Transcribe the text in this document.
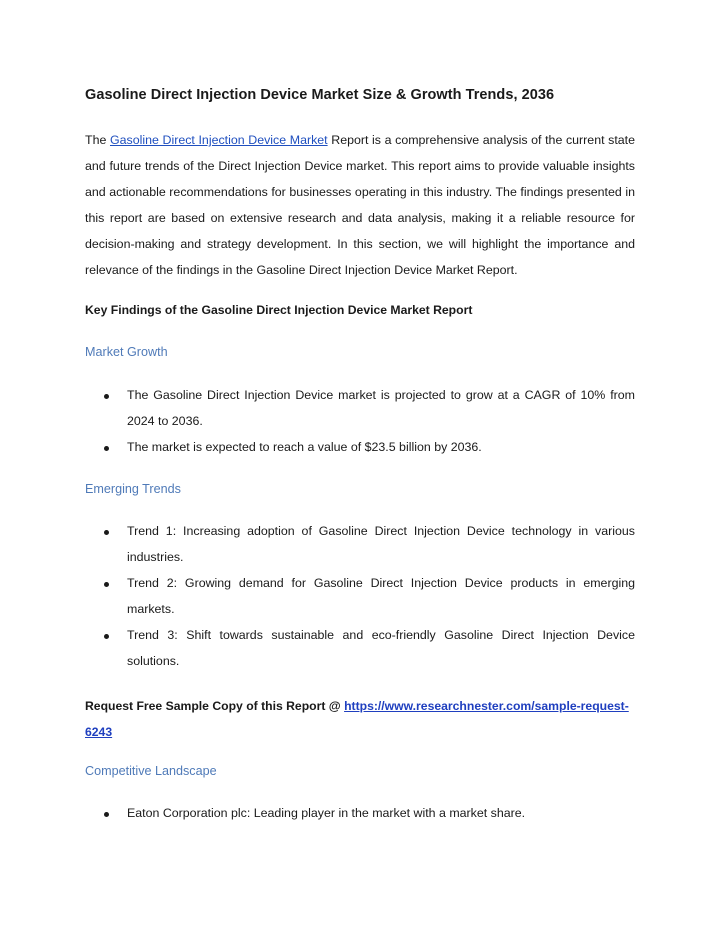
Gasoline Direct Injection Device Market Size & Growth Trends, 2036

The Gasoline Direct Injection Device Market Report is a comprehensive analysis of the current state and future trends of the Direct Injection Device market. This report aims to provide valuable insights and actionable recommendations for businesses operating in this industry. The findings presented in this report are based on extensive research and data analysis, making it a reliable resource for decision-making and strategy development. In this section, we will highlight the importance and relevance of the findings in the Gasoline Direct Injection Device Market Report.

Key Findings of the Gasoline Direct Injection Device Market Report
Market Growth
The Gasoline Direct Injection Device market is projected to grow at a CAGR of 10% from 2024 to 2036.
The market is expected to reach a value of $23.5 billion by 2036.
Emerging Trends
Trend 1: Increasing adoption of Gasoline Direct Injection Device technology in various industries.
Trend 2: Growing demand for Gasoline Direct Injection Device products in emerging markets.
Trend 3: Shift towards sustainable and eco-friendly Gasoline Direct Injection Device solutions.

Request Free Sample Copy of this Report @ https://www.researchnester.com/sample-request-6243

Competitive Landscape
Eaton Corporation plc: Leading player in the market with a market share.
